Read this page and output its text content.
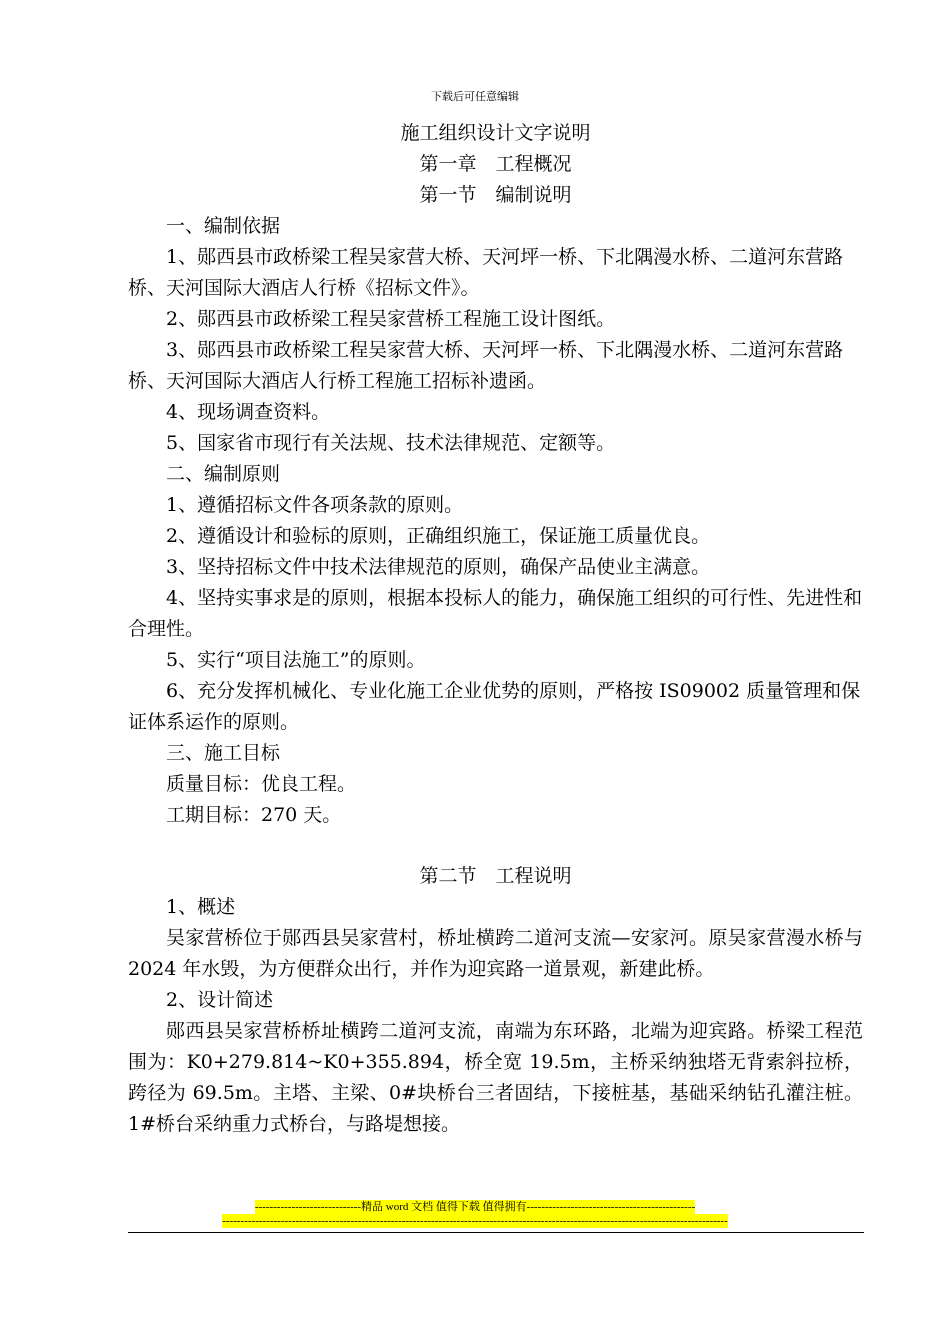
下载后可任意编辑

施工组织设计文字说明

第一章　工程概况

第一节　编制说明

一、编制依据

1、郧西县市政桥梁工程吴家营大桥、天河坪一桥、下北隅漫水桥、二道河东营路桥、天河国际大酒店人行桥《招标文件》。

2、郧西县市政桥梁工程吴家营桥工程施工设计图纸。

3、郧西县市政桥梁工程吴家营大桥、天河坪一桥、下北隅漫水桥、二道河东营路桥、天河国际大酒店人行桥工程施工招标补遗函。

4、现场调查资料。

5、国家省市现行有关法规、技术法律规范、定额等。

二、编制原则

1、遵循招标文件各项条款的原则。

2、遵循设计和验标的原则，正确组织施工，保证施工质量优良。

3、坚持招标文件中技术法律规范的原则，确保产品使业主满意。

4、坚持实事求是的原则，根据本投标人的能力，确保施工组织的可行性、先进性和合理性。

5、实行“项目法施工”的原则。

6、充分发挥机械化、专业化施工企业优势的原则，严格按 IS09002 质量管理和保证体系运作的原则。

三、施工目标

质量目标：优良工程。

工期目标：270 天。

第二节　工程说明

1、概述

吴家营桥位于郧西县吴家营村，桥址横跨二道河支流—安家河。原吴家营漫水桥与 2024 年水毁，为方便群众出行，并作为迎宾路一道景观，新建此桥。

2、设计简述

郧西县吴家营桥桥址横跨二道河支流，南端为东环路，北端为迎宾路。桥梁工程范围为：K0+279.814~K0+355.894，桥全宽 19.5m，主桥采纳独塔无背索斜拉桥，跨径为 69.5m。主塔、主梁、0#块桥台三者固结，下接桩基，基础采纳钻孔灌注桩。1#桥台采纳重力式桥台，与路堤想接。

-----------------------------精品 word 文档 值得下载 值得拥有----------------------------------------------
------------------------------------------------------------------------------------------------------------------------------------------
